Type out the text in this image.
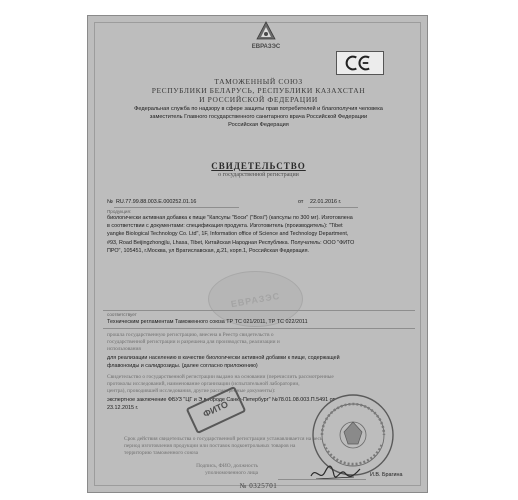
ЕВРАЗЭС
ТАМОЖЕННЫЙ СОЮЗ
РЕСПУБЛИКИ БЕЛАРУСЬ, РЕСПУБЛИКИ КАЗАХСТАН
И РОССИЙСКОЙ ФЕДЕРАЦИИ
Федеральная служба по надзору в сфере защиты прав потребителей и благополучия человека
заместитель Главного государственного санитарного врача Российской Федерации
Российская Федерация
СВИДЕТЕЛЬСТВО
о государственной регистрации
№ RU.77.99.88.003.Е.000252.01.16	от 22.01.2016 г.
Продукция:
биологически активная добавка к пище "Капсулы "Боси" ("Bosi") (капсулы по 300 мг). Изготовлена
в соответствии с документами: спецификация продукта. Изготовитель (производитель): "Tibet
yangke Biological Technology Co. Ltd", 1F, Information office of Science and Technology Department,
#93, Road Beijingzhongjlu, Lhasa, Tibet, Китайская Народная Республика. Получатель: ООО "ФИТО
ПРО", 105451, г.Москва, ул Вратиславская, д.21, корп.1, Российская Федерация.
ЕВРАЗЭС
соответствует
Техническим регламентам Таможенного союза ТР ТС 021/2011, ТР ТС 022/2011
прошла государственную регистрацию, внесена в Реестр свидетельств о
государственной регистрации и разрешена для производства, реализации и
использования
для реализации населению в качестве биологически активной добавки к пище, содержащей
флавоноиды и салидрозиды. (далее согласно приложению)
Свидетельство о государственной регистрации выдано на основании (перечислить рассмотренные
протоколы исследований, наименование организации (испытательной лаборатории,
центра), проводившей исследования, другие рассмотренные документы):
экспертное заключение ФБУЗ "ЦГ и Э в городе Санкт-Петербург" №78.01.08.003.П.5491 от
23.12.2015 г.
Срок действия свидетельства о государственной регистрации устанавливается на весь
период изготовления продукции или поставок подконтрольных товаров на
территорию таможенного союза
ФИТО
Подпись, ФИО, должность
уполномоченного лица	И.В. Брагина
№ 0325701
